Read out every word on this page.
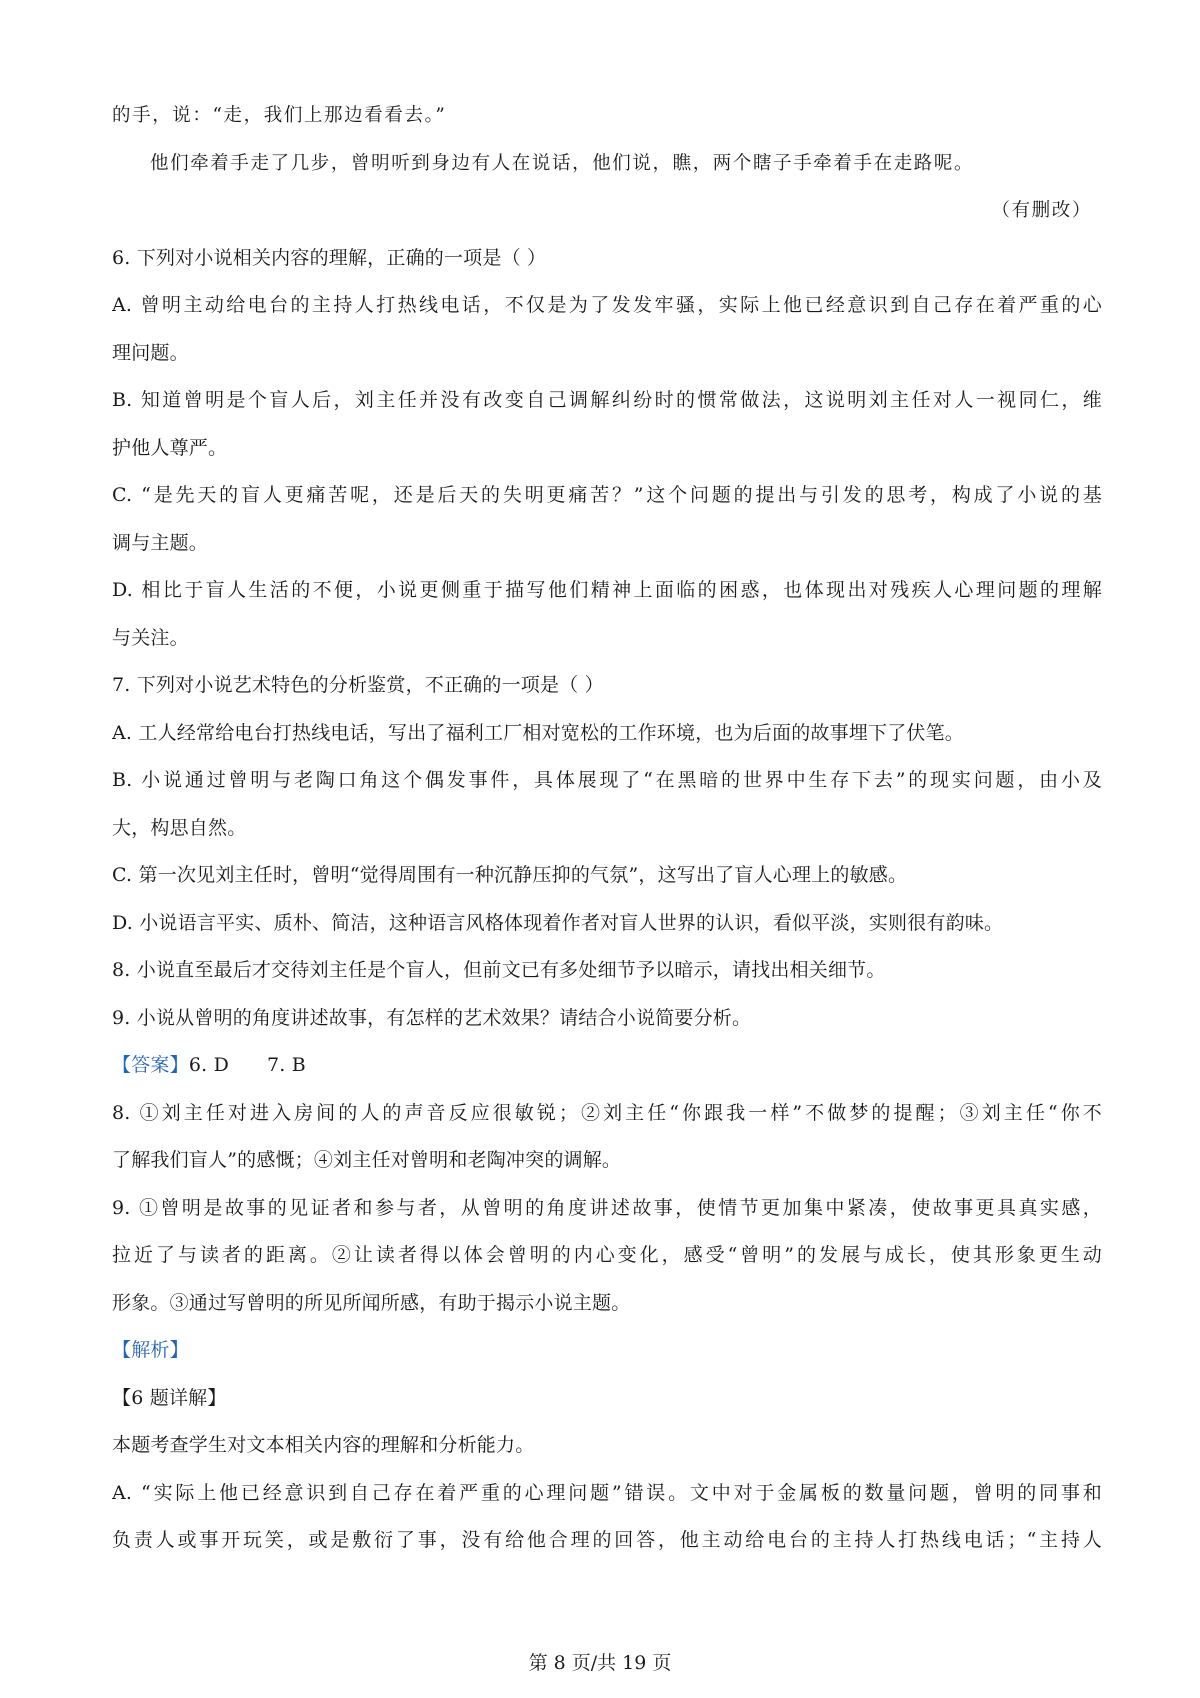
的手，说：“走，我们上那边看看去。”
他们牵着手走了几步，曾明听到身边有人在说话，他们说，瞧，两个瞎子手牵着手在走路呢。
（有删改）
6. 下列对小说相关内容的理解，正确的一项是（ ）
A. 曾明主动给电台的主持人打热线电话，不仅是为了发发牢骚，实际上他已经意识到自己存在着严重的心
理问题。
B. 知道曾明是个盲人后，刘主任并没有改变自己调解纠纷时的惯常做法，这说明刘主任对人一视同仁，维
护他人尊严。
C. “是先天的盲人更痛苦呢，还是后天的失明更痛苦？”这个问题的提出与引发的思考，构成了小说的基
调与主题。
D. 相比于盲人生活的不便，小说更侧重于描写他们精神上面临的困惑，也体现出对残疾人心理问题的理解
与关注。
7. 下列对小说艺术特色的分析鉴赏，不正确的一项是（ ）
A. 工人经常给电台打热线电话，写出了福利工厂相对宽松的工作环境，也为后面的故事埋下了伏笔。
B. 小说通过曾明与老陶口角这个偶发事件，具体展现了“在黑暗的世界中生存下去”的现实问题，由小及
大，构思自然。
C. 第一次见刘主任时，曾明“觉得周围有一种沉静压抑的气氛”，这写出了盲人心理上的敏感。
D. 小说语言平实、质朴、简洁，这种语言风格体现着作者对盲人世界的认识，看似平淡，实则很有韵味。
8. 小说直至最后才交待刘主任是个盲人，但前文已有多处细节予以暗示，请找出相关细节。
9. 小说从曾明的角度讲述故事，有怎样的艺术效果？请结合小说简要分析。
【答案】6. D 7. B
8. ①刘主任对进入房间的人的声音反应很敏锐；②刘主任“你跟我一样”不做梦的提醒；③刘主任“你不
了解我们盲人”的感慨；④刘主任对曾明和老陶冲突的调解。
9. ①曾明是故事的见证者和参与者，从曾明的角度讲述故事，使情节更加集中紧凑，使故事更具真实感，
拉近了与读者的距离。②让读者得以体会曾明的内心变化，感受“曾明”的发展与成长，使其形象更生动
形象。③通过写曾明的所见所闻所感，有助于揭示小说主题。
【解析】
【6 题详解】
本题考查学生对文本相关内容的理解和分析能力。
A. “实际上他已经意识到自己存在着严重的心理问题”错误。文中对于金属板的数量问题，曾明的同事和
负责人或事开玩笑，或是敷衍了事，没有给他合理的回答，他主动给电台的主持人打热线电话；“主持人
第 8 页/共 19 页
